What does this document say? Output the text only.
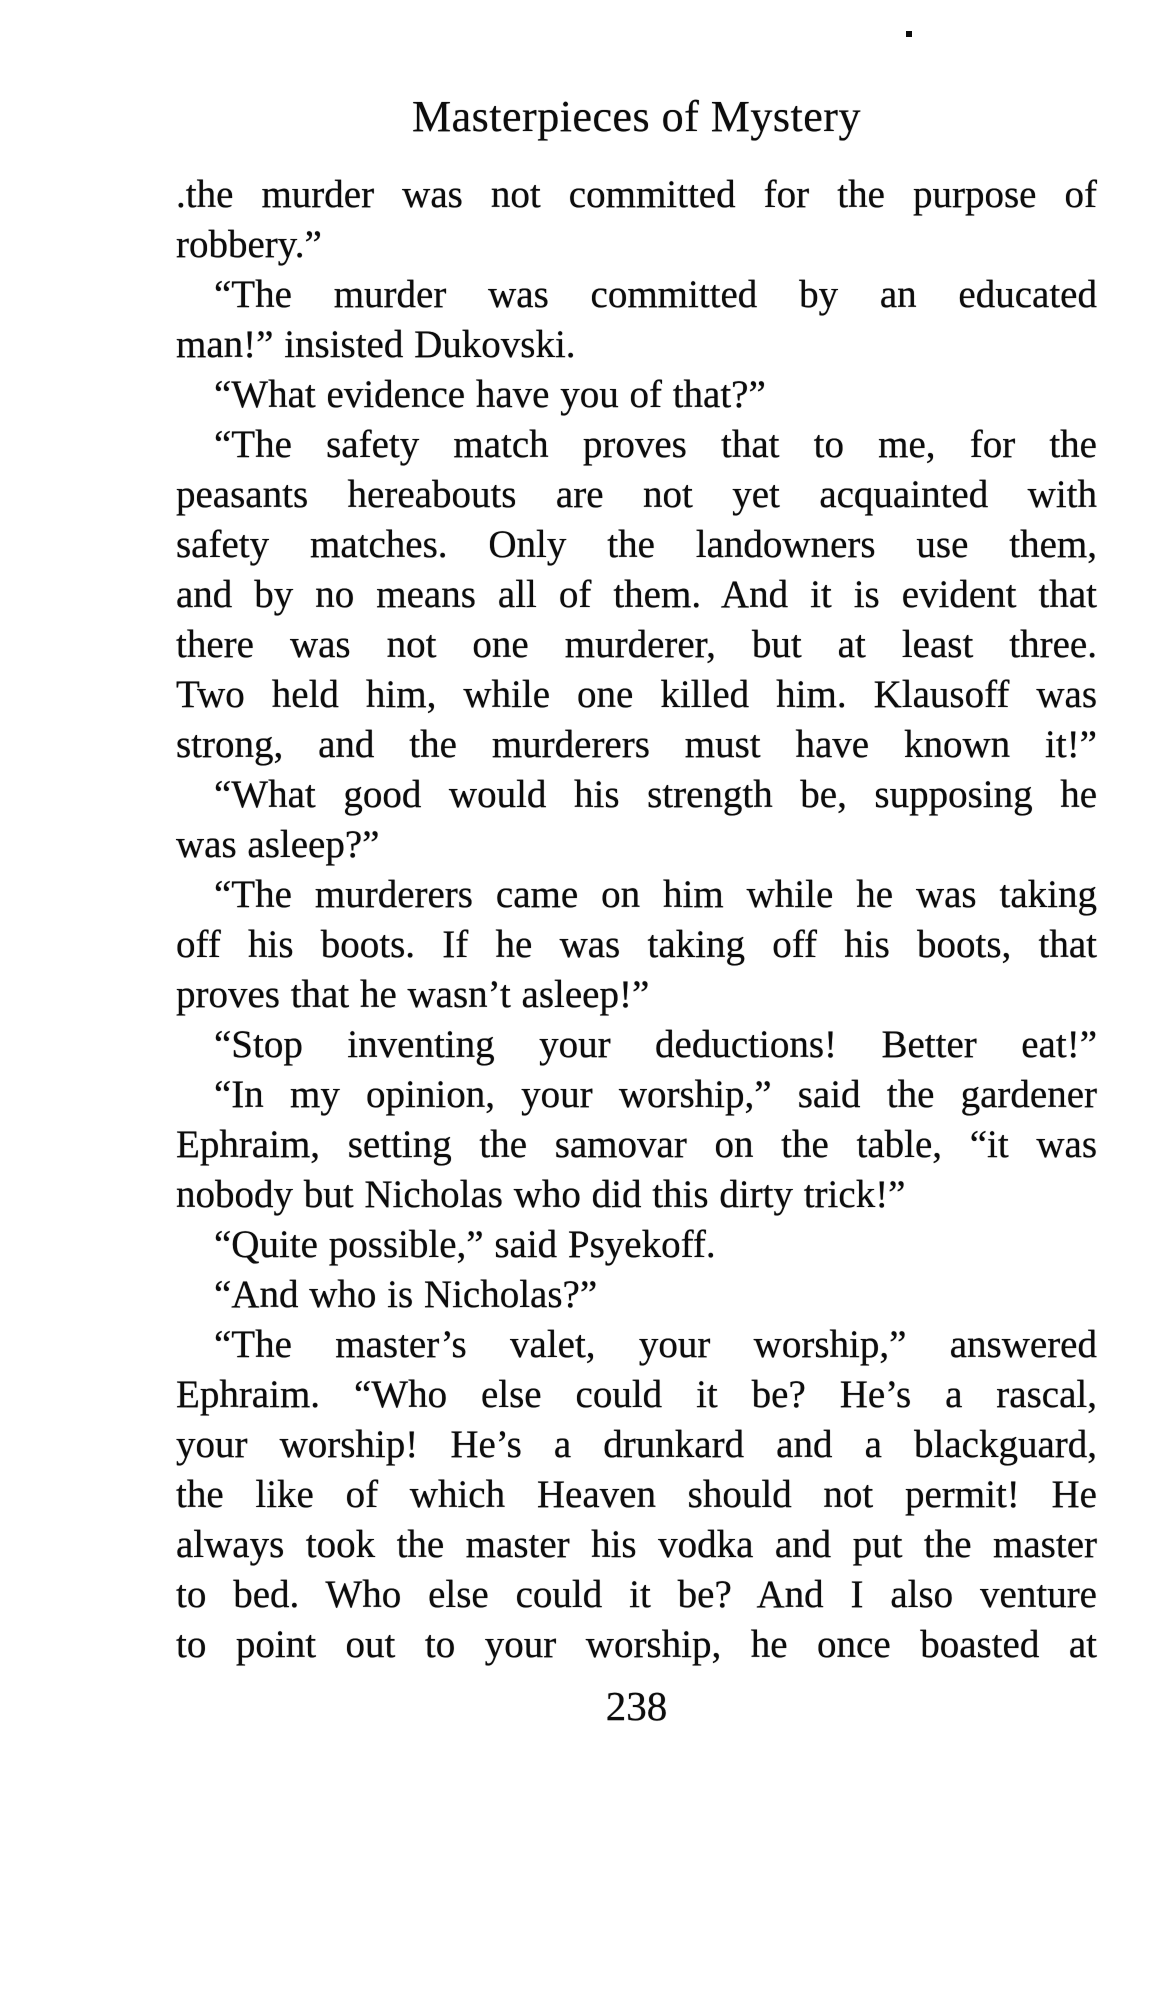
Masterpieces of Mystery
.the murder was not committed for the purpose of
robbery.”
“The murder was committed by an educated
man!” insisted Dukovski.
“What evidence have you of that?”
“The safety match proves that to me, for the
peasants hereabouts are not yet acquainted with
safety matches. Only the landowners use them,
and by no means all of them. And it is evident that
there was not one murderer, but at least three.
Two held him, while one killed him. Klausoff was
strong, and the murderers must have known it!”
“What good would his strength be, supposing he
was asleep?”
“The murderers came on him while he was taking
off his boots. If he was taking off his boots, that
proves that he wasn’t asleep!”
“Stop inventing your deductions! Better eat!”
“In my opinion, your worship,” said the gardener
Ephraim, setting the samovar on the table, “it was
nobody but Nicholas who did this dirty trick!”
“Quite possible,” said Psyekoff.
“And who is Nicholas?”
“The master’s valet, your worship,” answered
Ephraim. “Who else could it be? He’s a rascal,
your worship! He’s a drunkard and a blackguard,
the like of which Heaven should not permit! He
always took the master his vodka and put the master
to bed. Who else could it be? And I also venture
to point out to your worship, he once boasted at
238
